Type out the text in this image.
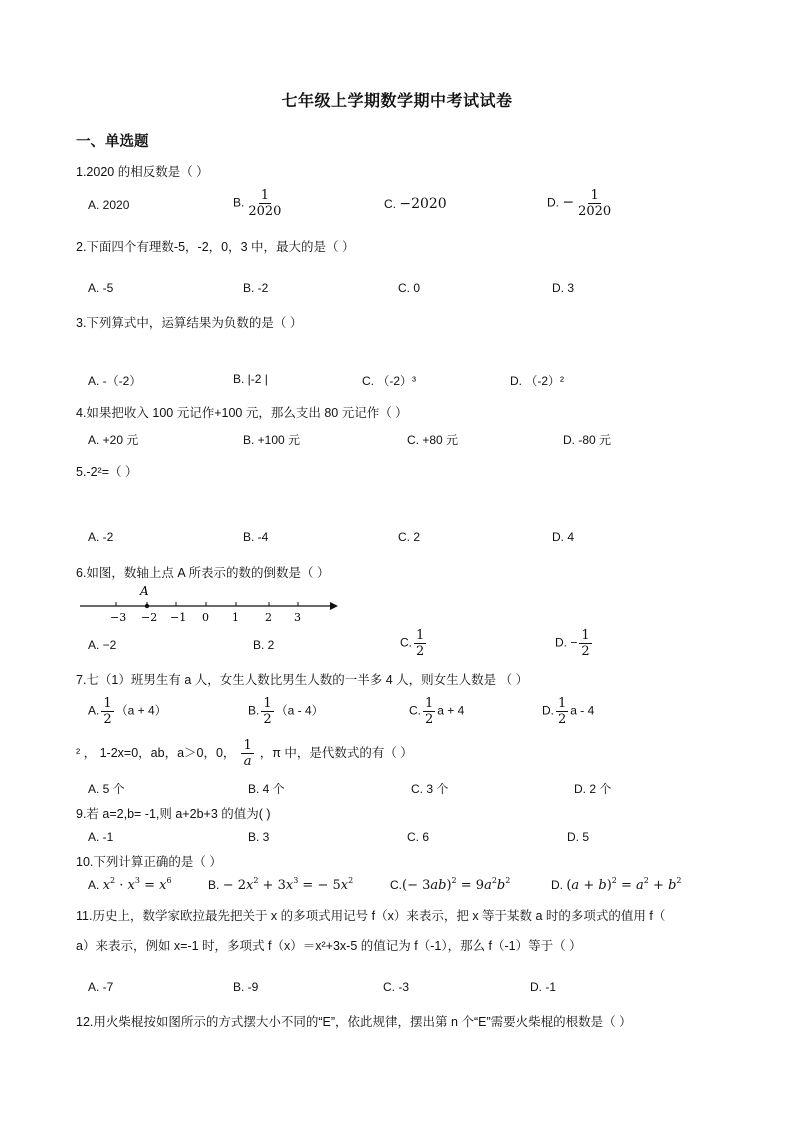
七年级上学期数学期中考试试卷
一、单选题
1.2020 的相反数是（ ）
A. 2020	B. $\frac{1}{2020}$	C. −2020	D. − $\frac{1}{2020}$
2.下面四个有理数-5，-2，0，3 中，最大的是（ ）
A. -5	B. -2	C. 0	D. 3
3.下列算式中，运算结果为负数的是（ ）
A. -（-2）	B. |-2 |	C. （-2）³	D. （-2）²
4.如果把收入 100 元记作+100 元，那么支出 80 元记作（ ）
A. +20 元	B. +100 元	C. +80 元	D. -80 元
5.-2²=（ ）
A. -2	B. -4	C. 2	D. 4
6.如图，数轴上点 A 所表示的数的倒数是（ ）
A
−3 −2 −1 0 1 2 3
A. −2	B. 2	C. $\frac{1}{2}$	D. − $\frac{1}{2}$
7.七（1）班男生有 a 人，女生人数比男生人数的一半多 4 人，则女生人数是 （ ）
A. $\frac{1}{2} (a + 4)$	B. $\frac{1}{2} (a - 4)$	C. $\frac{1}{2}$ a + 4	D. $\frac{1}{2}$ a - 4
² ， 1-2x=0，ab，a＞0，0， $\frac{1}{a}$ ，π 中，是代数式的有（ ）
A. 5 个	B. 4 个	C. 3 个	D. 2 个
9.若 a=2,b= -1,则 a+2b+3 的值为( )
A. -1	B. 3	C. 6	D. 5
10.下列计算正确的是（ ）
A. $x^2 \cdot x^3 = x^6$	B. − $2x^2 + 3x^3$ = − $5x^2$	$C.(- 3ab)^2 = 9a^2b^2$	D. $(a + b)^2 = a^2 + b^2$
11.历史上，数学家欧拉最先把关于 x 的多项式用记号 f（x）来表示，把 x 等于某数 a 时的多项式的值用 f（
a）来表示，例如 x=-1 时，多项式 f（x）＝x²+3x-5 的值记为 f（-1），那么 f（-1）等于（ ）
A. -7	B. -9	C. -3	D. -1
12.用火柴棍按如图所示的方式摆大小不同的“E”，依此规律，摆出第 n 个“E”需要火柴棍的根数是（ ）
